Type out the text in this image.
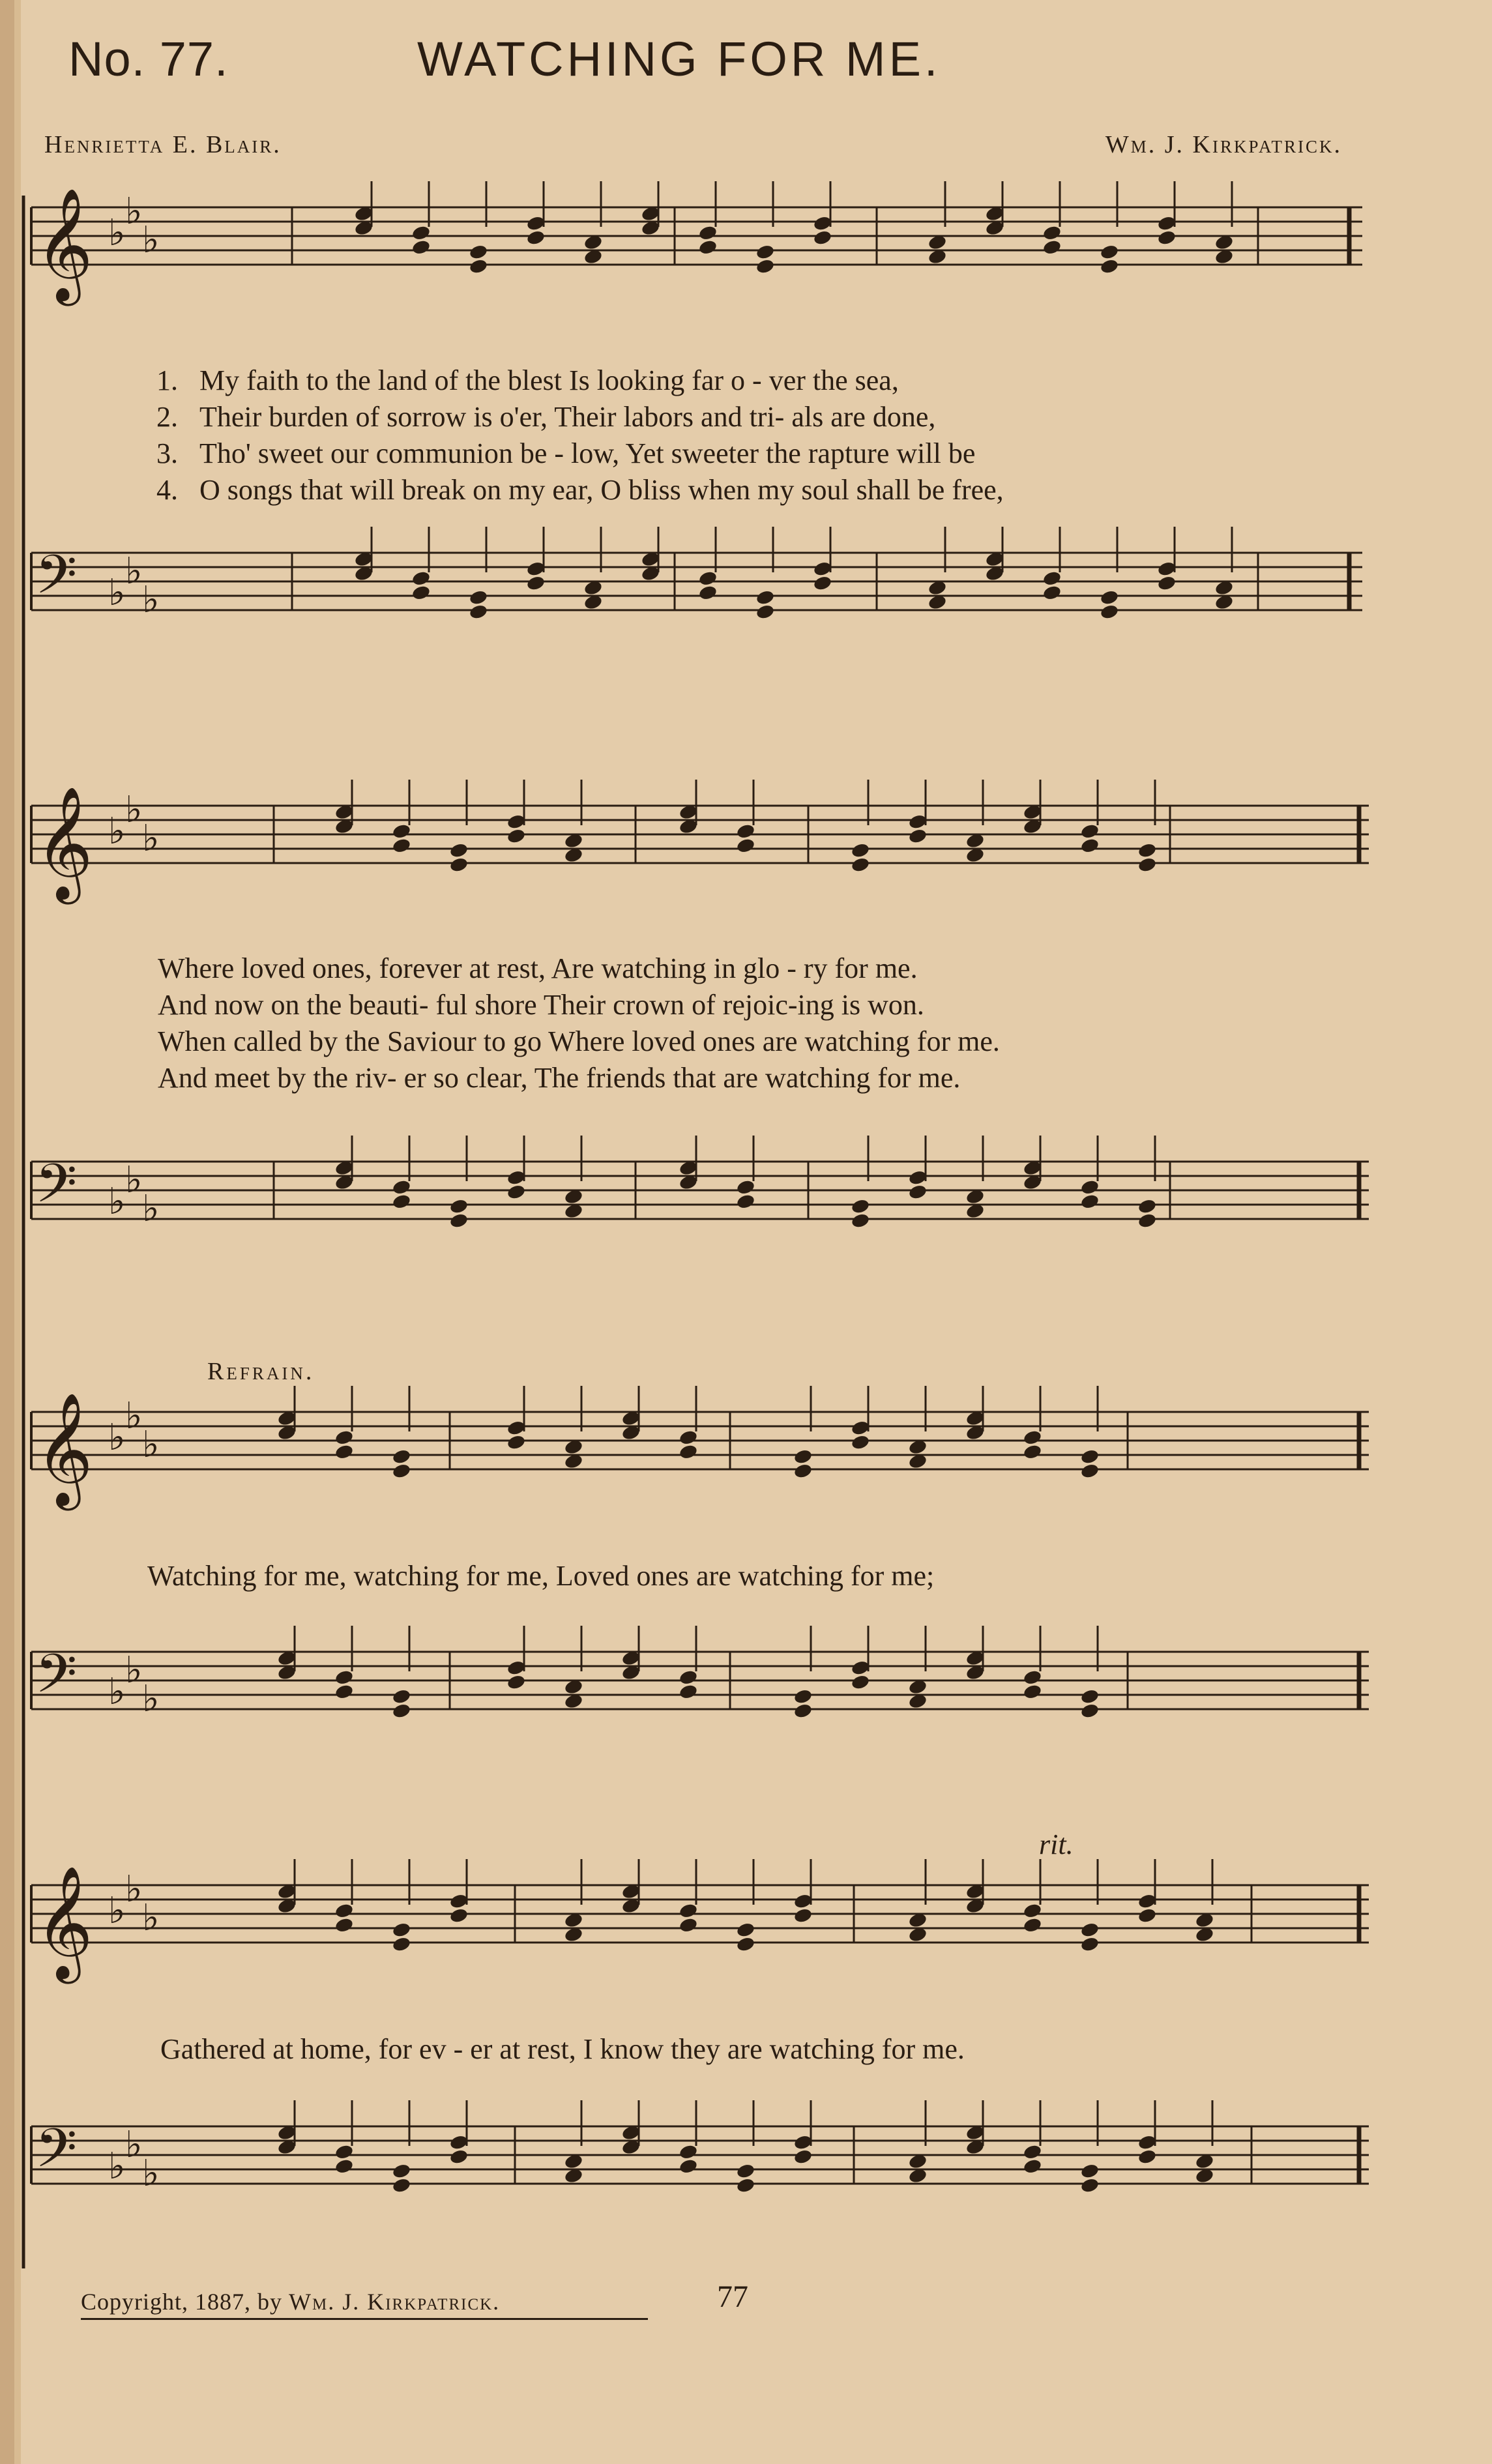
No. 77.	WATCHING FOR ME.
Henrietta E. Blair.	Wm. J. Kirkpatrick.
𝄞 ♭
♭
♭
𝄢 ♭
♭
♭
𝄞 ♭
♭
♭
𝄢 ♭
♭
♭
𝄞 ♭
♭
♭
𝄢 ♭
♭
♭
𝄞 ♭
♭
♭
𝄢 ♭
♭
♭
1. My faith to the land of the blest Is looking far o - ver the sea,
2. Their burden of sorrow is o'er, Their labors and tri- als are done,
3. Tho' sweet our communion be - low, Yet sweeter the rapture will be
4. O songs that will break on my ear, O bliss when my soul shall be free,
Where loved ones, forever at rest, Are watching in glo - ry for me.
And now on the beauti- ful shore Their crown of rejoic-ing is won.
When called by the Saviour to go Where loved ones are watching for me.
And meet by the riv- er so clear, The friends that are watching for me.
Refrain.
Watching for me, watching for me, Loved ones are watching for me;
rit.
Gathered at home, for ev - er at rest, I know they are watching for me.
Copyright, 1887, by Wm. J. Kirkpatrick.	77
